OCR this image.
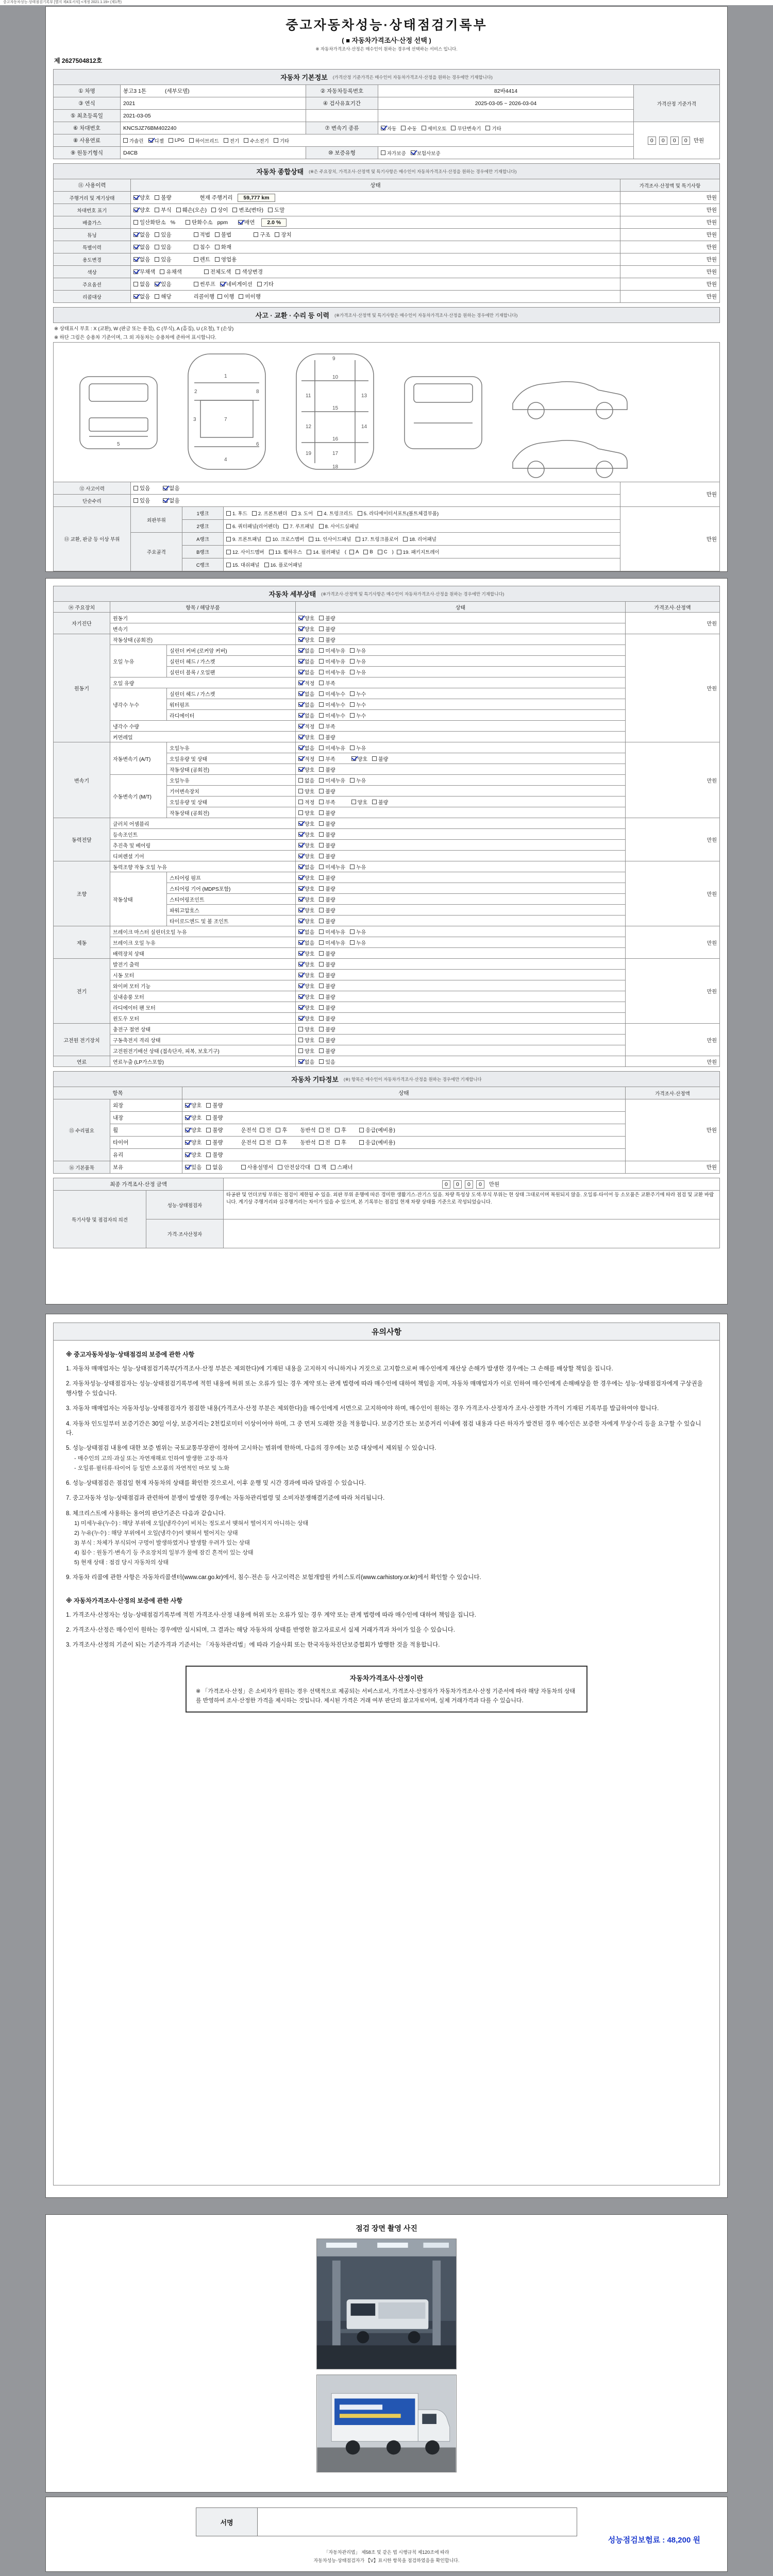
중고자동차성능·상태점검기록부 [별지 제4호서식] <개정 2021.1.19> (제1쪽)
중고자동차성능·상태점검기록부
( ■ 자동차가격조사·산정 선택 )
※ 자동차가격조사·산정은 매수인이 원하는 경우에 선택하는 서비스 입니다.
제 2627504812호
자동차 기본정보 (가격산정 기준가격은 매수인이 자동차가격조사·산정을 원하는 경우에만 기재합니다)
① 차명	봉고3 1톤 (세부모델)	② 자동차등록번호	82바4414	가격산정 기준가격
③ 연식	2021	④ 검사유효기간	2025-03-05 ~ 2026-03-04	
⑤ 최초등록일	2021-03-05			
⑥ 차대번호	KNCSJZ76BM402240	⑦ 변속기 종류	자동 수동 세미오토 무단변속기 기타	0 0 0 0 만원
⑧ 사용연료	가솔린 디젤 LPG 하이브리드 전기 수소전기 기타

⑨ 원동기형식	D4CB	⑩ 보증유형	자가보증 보험사보증	
자동차 종합상태 (※은 주요장치, 가격조사·산정액 및 특기사항은 매수인이 자동차가격조사·산정을 원하는 경우에만 기재합니다)
⑪ 사용이력	상태	가격조사·산정액 및 특기사항
주행거리 및 계기상태	양호 불량 현재 주행거리 59,777 km	만원
차대번호 표기	양호 부식 훼손(오손) 상이 변조(변타) 도말	만원
배출가스	일산화탄소 %	탄화수소 ppm	매연 2.0 %	만원
튜닝	없음 있음	적법 불법	구조 장치	만원
특별이력	없음 있음 침수 화재	만원
용도변경	없음 있음 렌트 영업용	만원
색상	무채색 유채색 전체도색 색상변경	만원
주요옵션	없음 있음 썬루프 네비게이션 기타	만원
리콜대상	없음 해당 리콜이행 이행 미이행	만원
사고 · 교환 · 수리 등 이력 (※가격조사·산정액 및 특기사항은 매수인이 자동차가격조사·산정을 원하는 경우에만 기재합니다)
※ 상태표시 부호 : X (교환), W (판금 또는 용접), C (부식), A (흠집), U (요철), T (손상)
※ 하단 그림은 승용차 기준이며, 그 외 자동차는 승용차에 준하여 표시합니다.
1
2
3
4
5	6
7
8
9
10
11
12
13
14
15
16
17
18
19
⑫ 사고이력	있음 없음	만원
단순수리	있음 없음	
⑬ 교환, 판금 등 이상 부위	외판부위	1랭크	1. 후드 2. 프론트펜더 3. 도어 4. 트렁크리드 5. 라디에이터서포트(볼트체결부품)	만원
		2랭크	6. 쿼터패널(리어펜더) 7. 루프패널 8. 사이드실패널	

	주요골격	A랭크	9. 프론트패널 10. 크로스멤버 11. 인사이드패널 17. 트렁크플로어 18. 리어패널	

B랭크	12. 사이드멤버 13. 휠하우스 14. 필러패널 ( A B C ) 19. 패키지트레이

		C랭크	15. 대쉬패널 16. 플로어패널	
자동차 세부상태 (※가격조사·산정액 및 특기사항은 매수인이 자동차가격조사·산정을 원하는 경우에만 기재합니다)
⑭ 주요장치	항목 / 해당부품		상태	가격조사·산정액
자기진단	원동기		양호 불량	만원
	변속기		양호 불량	

원동기	작동상태 (공회전)		양호 불량	만원
	오일 누유	실린더 커버 (로커암 커버)	없음 미세누유 누유	

		실린더 헤드 / 가스켓	없음 미세누유 누유	

		실린더 블록 / 오일팬	없음 미세누유 누유	

	오일 유량		적정 부족	

	냉각수 누수	실린더 헤드 / 가스켓	없음 미세누수 누수	

		워터펌프	없음 미세누수 누수	

		라디에이터	없음 미세누수 누수	

	냉각수 수량		적정 부족	

	커먼레일		양호 불량	

변속기	자동변속기 (A/T)	오일누유	없음 미세누유 누유	만원
		오일유량 및 상태	적정 부족 양호 불량	

		작동상태 (공회전)	양호 불량	

	수동변속기 (M/T)	오일누유	없음 미세누유 누유	

		기어변속장치	양호 불량	

		오일유량 및 상태	적정 부족 양호 불량	

		작동상태 (공회전)	양호 불량	

동력전달	클러치 어셈블리		양호 불량	만원
	등속조인트		양호 불량	

	추진축 및 베어링		양호 불량	

	디퍼렌셜 기어		양호 불량	

조향	동력조향 작동 오일 누유		없음 미세누유 누유	만원
	작동상태	스티어링 펌프	양호 불량	

		스티어링 기어 (MDPS포함)	양호 불량	

		스티어링조인트	양호 불량	

		파워고압호스	양호 불량	

		타이로드엔드 및 볼 조인트	양호 불량	

제동	브레이크 마스터 실린더오일 누유		없음 미세누유 누유	만원
	브레이크 오일 누유		없음 미세누유 누유	

	배력장치 상태		양호 불량	

전기	발전기 출력		양호 불량	만원
	시동 모터		양호 불량	

	와이퍼 모터 기능		양호 불량	

	실내송풍 모터		양호 불량	

	라디에이터 팬 모터		양호 불량	

	윈도우 모터		양호 불량	

고전원 전기장치	충전구 절연 상태		양호 불량	만원
	구동축전지 격리 상태		양호 불량	

	고전원전기배선 상태 (접속단자, 피복, 보호기구)		양호 불량	

연료	연료누출 (LP가스포함)		없음 있음	만원
자동차 기타정보 (※) 항목은 매수인이 자동차가격조사·산정을 원하는 경우에만 기재합니다
항목		상태	가격조사·산정액
⑮ 수리필요	외장	양호 불량	만원
	내장	양호 불량	

휠	양호 불량	운전석 전 후 동반석 전 후	응급(예비용)

타이어	양호 불량	운전석 전 후 동반석 전 후	응급(예비용)

	유리	양호 불량	

⑯ 기본품목	보유	있음 없음	사용설명서 안전삼각대 잭 스패너	만원
최종 가격조사·산정 금액		0 0 0 0 만원
특기사항 및 점검자의 의견	성능·상태점검자	타공판 및 언더코팅 부위는 점검이 제한될 수 있음. 외판 부위 운행에 따른 경미한 생활기스·잔기스 있음. 차량 특성상 도색·부식 부위는 현 상태 그대로이며 복원되지 않음. 오일류·타이어 등 소모품은 교환주기에 따라 점검 및 교환 바랍니다. 계기상 주행거리와 실주행거리는 차이가 있을 수 있으며, 본 기록부는 점검일 현재 차량 상태를 기준으로 작성되었습니다.
	가격·조사산정자	
유의사항
※ 중고자동차성능·상태점검의 보증에 관한 사항
1. 자동차 매매업자는 성능·상태점검기록부(가격조사·산정 부분은 제외한다)에 기재된 내용을 고지하지 아니하거나 거짓으로 고지함으로써 매수인에게 재산상 손해가 발생한 경우에는 그 손해를 배상할 책임을 집니다.
2. 자동차성능·상태점검자는 성능·상태점검기록부에 적힌 내용에 허위 또는 오류가 있는 경우 계약 또는 관계 법령에 따라 매수인에 대하여 책임을 지며, 자동차 매매업자가 이로 인하여 매수인에게 손해배상을 한 경우에는 성능·상태점검자에게 구상권을 행사할 수 있습니다.
3. 자동차 매매업자는 자동차성능·상태점검자가 점검한 내용(가격조사·산정 부분은 제외한다)을 매수인에게 서면으로 고지하여야 하며, 매수인이 원하는 경우 가격조사·산정자가 조사·산정한 가격이 기재된 기록부를 발급하여야 합니다.
4. 자동차 인도일부터 보증기간은 30일 이상, 보증거리는 2천킬로미터 이상이어야 하며, 그 중 먼저 도래한 것을 적용합니다. 보증기간 또는 보증거리 이내에 점검 내용과 다른 하자가 발견된 경우 매수인은 보증한 자에게 무상수리 등을 요구할 수 있습니다.
5. 성능·상태점검 내용에 대한 보증 범위는 국토교통부장관이 정하여 고시하는 범위에 한하며, 다음의 경우에는 보증 대상에서 제외될 수 있습니다.
- 매수인의 고의·과실 또는 자연재해로 인하여 발생한 고장·하자
- 오일류·필터류·타이어 등 일반 소모품의 자연적인 마모 및 노화
6. 성능·상태점검은 점검일 현재 자동차의 상태를 확인한 것으로서, 이후 운행 및 시간 경과에 따라 달라질 수 있습니다.
7. 중고자동차 성능·상태점검과 관련하여 분쟁이 발생한 경우에는 자동차관리법령 및 소비자분쟁해결기준에 따라 처리됩니다.
8. 체크리스트에 사용하는 용어의 판단기준은 다음과 같습니다.
1) 미세누유(누수) : 해당 부위에 오일(냉각수)이 비치는 정도로서 맺혀서 떨어지지 아니하는 상태
2) 누유(누수) : 해당 부위에서 오일(냉각수)이 맺혀서 떨어지는 상태
3) 부식 : 차체가 부식되어 구멍이 발생하였거나 발생할 우려가 있는 상태
4) 침수 : 원동기·변속기 등 주요장치의 일부가 물에 잠긴 흔적이 있는 상태
5) 현재 상태 : 점검 당시 자동차의 상태
9. 자동차 리콜에 관한 사항은 자동차리콜센터(www.car.go.kr)에서, 침수·전손 등 사고이력은 보험개발원 카히스토리(www.carhistory.or.kr)에서 확인할 수 있습니다.
※ 자동차가격조사·산정의 보증에 관한 사항
1. 가격조사·산정자는 성능·상태점검기록부에 적힌 가격조사·산정 내용에 허위 또는 오류가 있는 경우 계약 또는 관계 법령에 따라 매수인에 대하여 책임을 집니다.
2. 가격조사·산정은 매수인이 원하는 경우에만 실시되며, 그 결과는 해당 자동차의 상태를 반영한 참고자료로서 실제 거래가격과 차이가 있을 수 있습니다.
3. 가격조사·산정의 기준이 되는 기준가격과 기준서는 「자동차관리법」에 따라 기술사회 또는 한국자동차진단보증협회가 발행한 것을 적용합니다.
자동차가격조사·산정이란
※ 「가격조사·산정」은 소비자가 원하는 경우 선택적으로 제공되는 서비스로서, 가격조사·산정자가 자동차가격조사·산정 기준서에 따라 해당 자동차의 상태를 반영하여 조사·산정한 가격을 제시하는 것입니다. 제시된 가격은 거래 여부 판단의 참고자료이며, 실제 거래가격과 다를 수 있습니다.
점검 장면 촬영 사진
서명
성능점검보험료 : 48,200 원
「자동차관리법」 제58조 및 같은 법 시행규칙 제120조에 따라
자동차성능·상태점검자가 【V】표시한 항목을 점검하였음을 확인합니다.
